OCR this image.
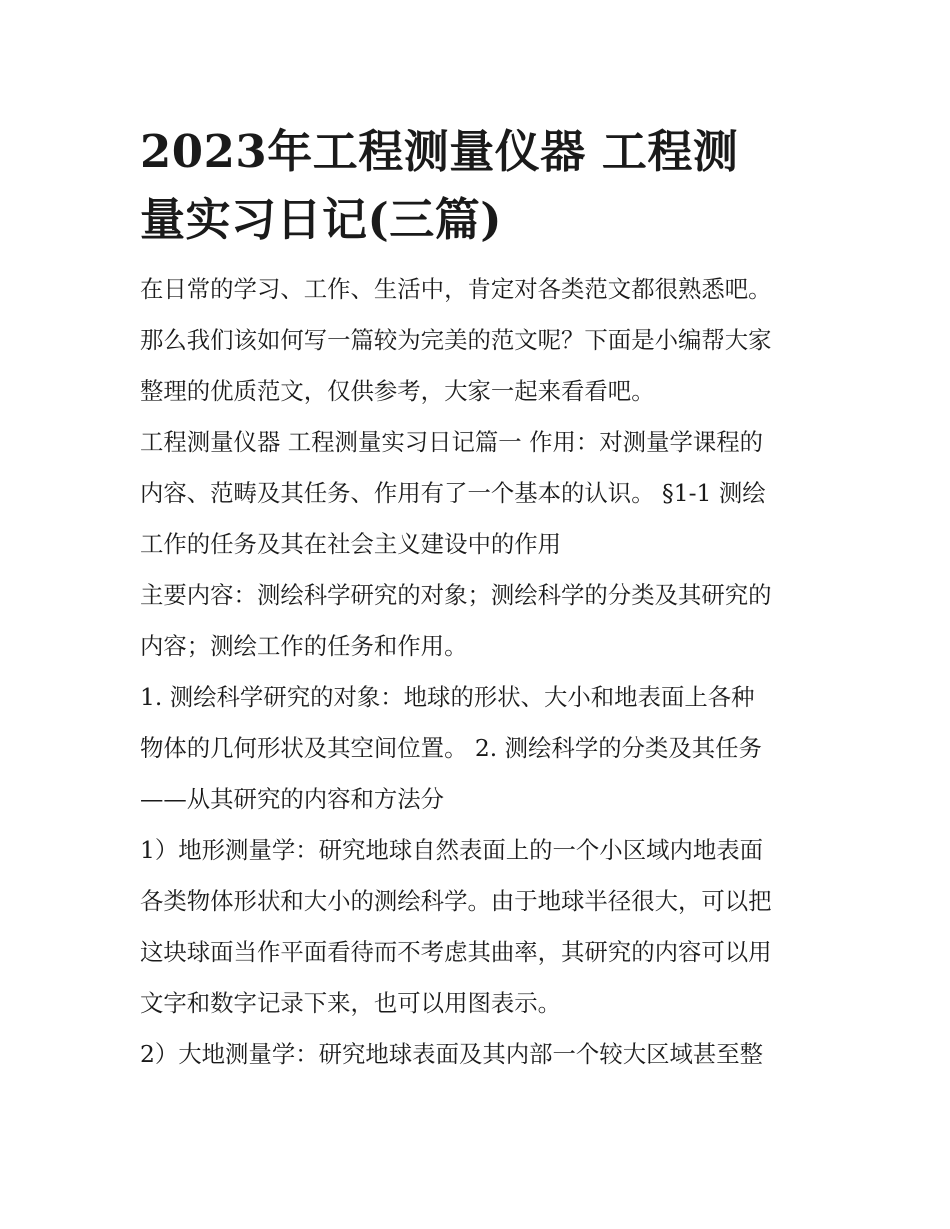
2023年工程测量仪器 工程测
量实习日记(三篇)

在日常的学习、工作、生活中，肯定对各类范文都很熟悉吧。
那么我们该如何写一篇较为完美的范文呢？下面是小编帮大家
整理的优质范文，仅供参考，大家一起来看看吧。

工程测量仪器 工程测量实习日记篇一 作用：对测量学课程的
内容、范畴及其任务、作用有了一个基本的认识。 §1-1 测绘
工作的任务及其在社会主义建设中的作用

主要内容：测绘科学研究的对象；测绘科学的分类及其研究的
内容；测绘工作的任务和作用。

1. 测绘科学研究的对象：地球的形状、大小和地表面上各种
物体的几何形状及其空间位置。 2. 测绘科学的分类及其任务
——从其研究的内容和方法分

1）地形测量学：研究地球自然表面上的一个小区域内地表面
各类物体形状和大小的测绘科学。由于地球半径很大，可以把
这块球面当作平面看待而不考虑其曲率，其研究的内容可以用
文字和数字记录下来，也可以用图表示。

2）大地测量学：研究地球表面及其内部一个较大区域甚至整
